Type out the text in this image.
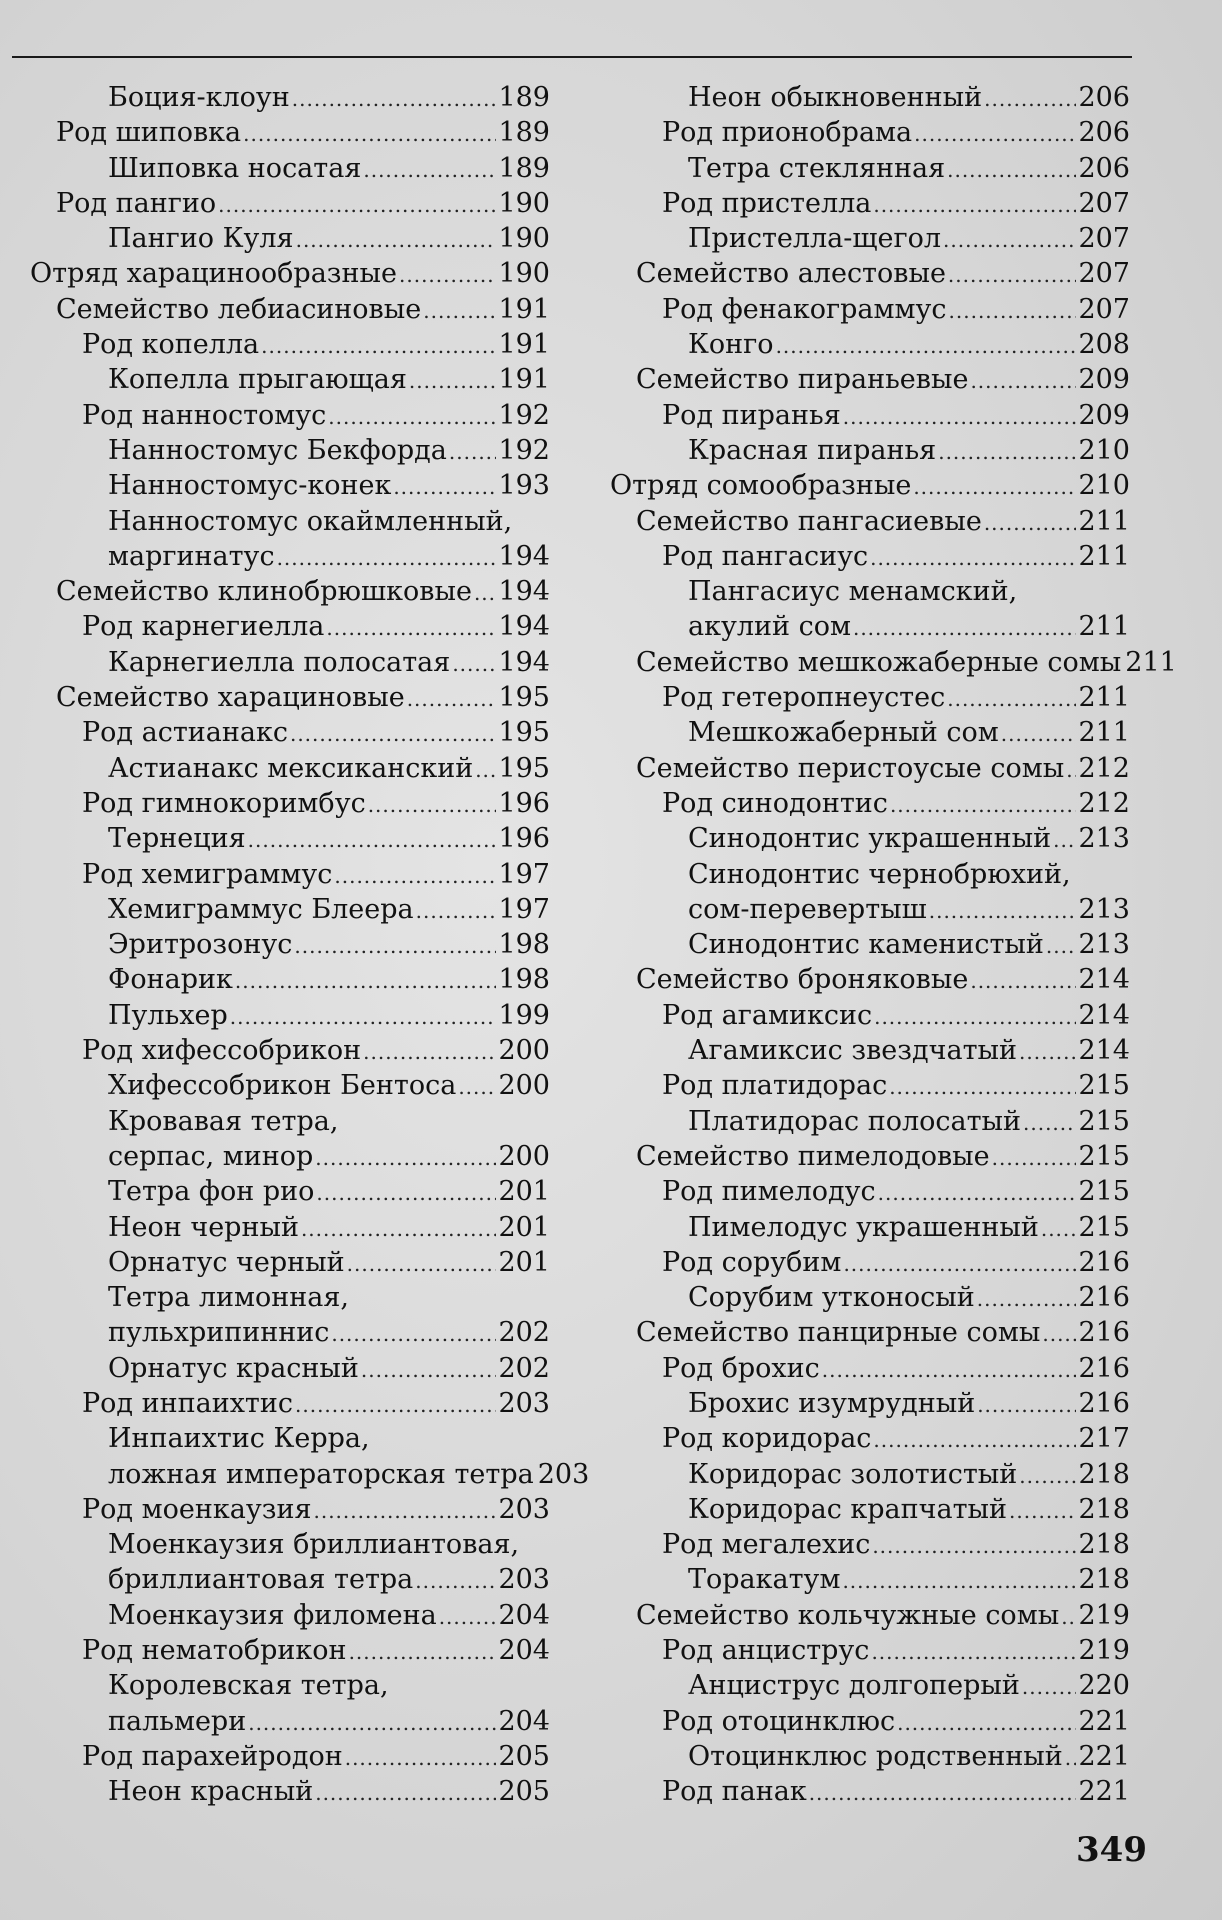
Боция-клоун .....	189
Род шиповка .....	189
Шиповка носатая .....	189
Род пангио .....	190
Пангио Куля .....	190
Отряд харацинообразные .....	190
Семейство лебиасиновые .....	191
Род копелла .....	191
Копелла прыгающая .....	191
Род нанностомус .....	192
Нанностомус Бекфорда ..... 192
Нанностомус-конек .....	193
Нанностомус окаймленный,
маргинатус .....	194
Семейство клинобрюшковые ..... 194
Род карнегиелла .....	194
Карнегиелла полосатая ..... 194
Семейство харациновые .....	195
Род астианакс .....	195
Астианакс мексиканский ..... 195
Род гимнокоримбус .....	196
Тернеция .....	196
Род хемиграммус .....	197
Хемиграммус Блеера .....	197
Эритрозонус .....	198
Фонарик .....	198
Пульхер .....	199
Род хифессобрикон .....	200
Хифессобрикон Бентоса ..... 200
Кровавая тетра,
серпас, минор .....	200
Тетра фон рио .....	201
Неон черный .....	201
Орнатус черный .....	201
Тетра лимонная,
пульхрипиннис .....	202
Орнатус красный .....	202
Род инпаихтис .....	203
Инпаихтис Керра,
ложная императорская тетра 203
Род моенкаузия .....	203
Моенкаузия бриллиантовая,
бриллиантовая тетра .....	203
Моенкаузия филомена ..... 204
Род нематобрикон .....	204
Королевская тетра,
пальмери .....	204
Род парахейродон .....	205
Неон красный .....	205
Неон обыкновенный .....	206
Род прионобрама .....	206
Тетра стеклянная .....	206
Род пристелла .....	207
Пристелла-щегол .....	207
Семейство алестовые .....	207
Род фенакограммус .....	207
Конго .....	208
Семейство пираньевые .....	209
Род пиранья .....	209
Красная пиранья .....	210
Отряд сомообразные .....	210
Семейство пангасиевые .....	211
Род пангасиус .....	211
Пангасиус менамский,
акулий сом .....	211
Семейство мешкожаберные сомы 211
Род гетеропнеустес .....	211
Мешкожаберный сом .....	211
Семейство перистоусые сомы ..... 212
Род синодонтис .....	212
Синодонтис украшенный ..... 213
Синодонтис чернобрюхий,
сом-перевертыш .....	213
Синодонтис каменистый ..... 213
Семейство броняковые .....	214
Род агамиксис .....	214
Агамиксис звездчатый ..... 214
Род платидорас .....	215
Платидорас полосатый ..... 215
Семейство пимелодовые .....	215
Род пимелодус .....	215
Пимелодус украшенный ..... 215
Род сорубим .....	216
Сорубим утконосый .....	216
Семейство панцирные сомы ..... 216
Род брохис .....	216
Брохис изумрудный .....	216
Род коридорас .....	217
Коридорас золотистый ..... 218
Коридорас крапчатый .....	218
Род мегалехис .....	218
Торакатум .....	218
Семейство кольчужные сомы ..... 219
Род анциструс .....	219
Анциструс долгоперый ..... 220
Род отоцинклюс .....	221
Отоцинклюс родственный ..... 221
Род панак .....	221
349
